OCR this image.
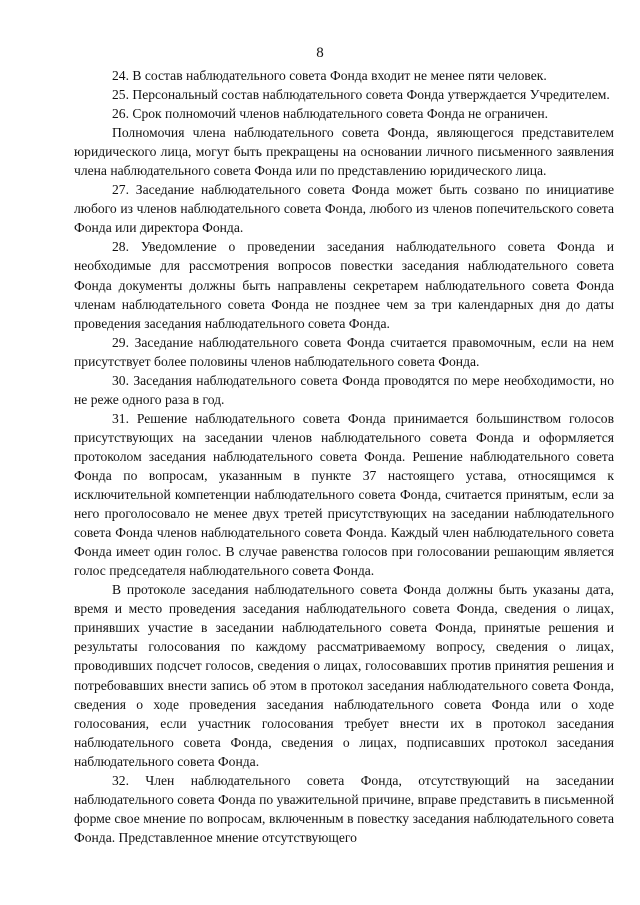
8

24. В состав наблюдательного совета Фонда входит не менее пяти человек.

25. Персональный состав наблюдательного совета Фонда утверждается Учредителем.

26. Срок полномочий членов наблюдательного совета Фонда не ограничен.

Полномочия члена наблюдательного совета Фонда, являющегося представителем юридического лица, могут быть прекращены на основании личного письменного заявления члена наблюдательного совета Фонда или по представлению юридического лица.

27. Заседание наблюдательного совета Фонда может быть созвано по инициативе любого из членов наблюдательного совета Фонда, любого из членов попечительского совета Фонда или директора Фонда.

28. Уведомление о проведении заседания наблюдательного совета Фонда и необходимые для рассмотрения вопросов повестки заседания наблюдательного совета Фонда документы должны быть направлены секретарем наблюдательного совета Фонда членам наблюдательного совета Фонда не позднее чем за три календарных дня до даты проведения заседания наблюдательного совета Фонда.

29. Заседание наблюдательного совета Фонда считается правомочным, если на нем присутствует более половины членов наблюдательного совета Фонда.

30. Заседания наблюдательного совета Фонда проводятся по мере необходимости, но не реже одного раза в год.

31. Решение наблюдательного совета Фонда принимается большинством голосов присутствующих на заседании членов наблюдательного совета Фонда и оформляется протоколом заседания наблюдательного совета Фонда. Решение наблюдательного совета Фонда по вопросам, указанным в пункте 37 настоящего устава, относящимся к исключительной компетенции наблюдательного совета Фонда, считается принятым, если за него проголосовало не менее двух третей присутствующих на заседании наблюдательного совета Фонда членов наблюдательного совета Фонда. Каждый член наблюдательного совета Фонда имеет один голос. В случае равенства голосов при голосовании решающим является голос председателя наблюдательного совета Фонда.

В протоколе заседания наблюдательного совета Фонда должны быть указаны дата, время и место проведения заседания наблюдательного совета Фонда, сведения о лицах, принявших участие в заседании наблюдательного совета Фонда, принятые решения и результаты голосования по каждому рассматриваемому вопросу, сведения о лицах, проводивших подсчет голосов, сведения о лицах, голосовавших против принятия решения и потребовавших внести запись об этом в протокол заседания наблюдательного совета Фонда, сведения о ходе проведения заседания наблюдательного совета Фонда или о ходе голосования, если участник голосования требует внести их в протокол заседания наблюдательного совета Фонда, сведения о лицах, подписавших протокол заседания наблюдательного совета Фонда.

32. Член наблюдательного совета Фонда, отсутствующий на заседании наблюдательного совета Фонда по уважительной причине, вправе представить в письменной форме свое мнение по вопросам, включенным в повестку заседания наблюдательного совета Фонда. Представленное мнение отсутствующего
